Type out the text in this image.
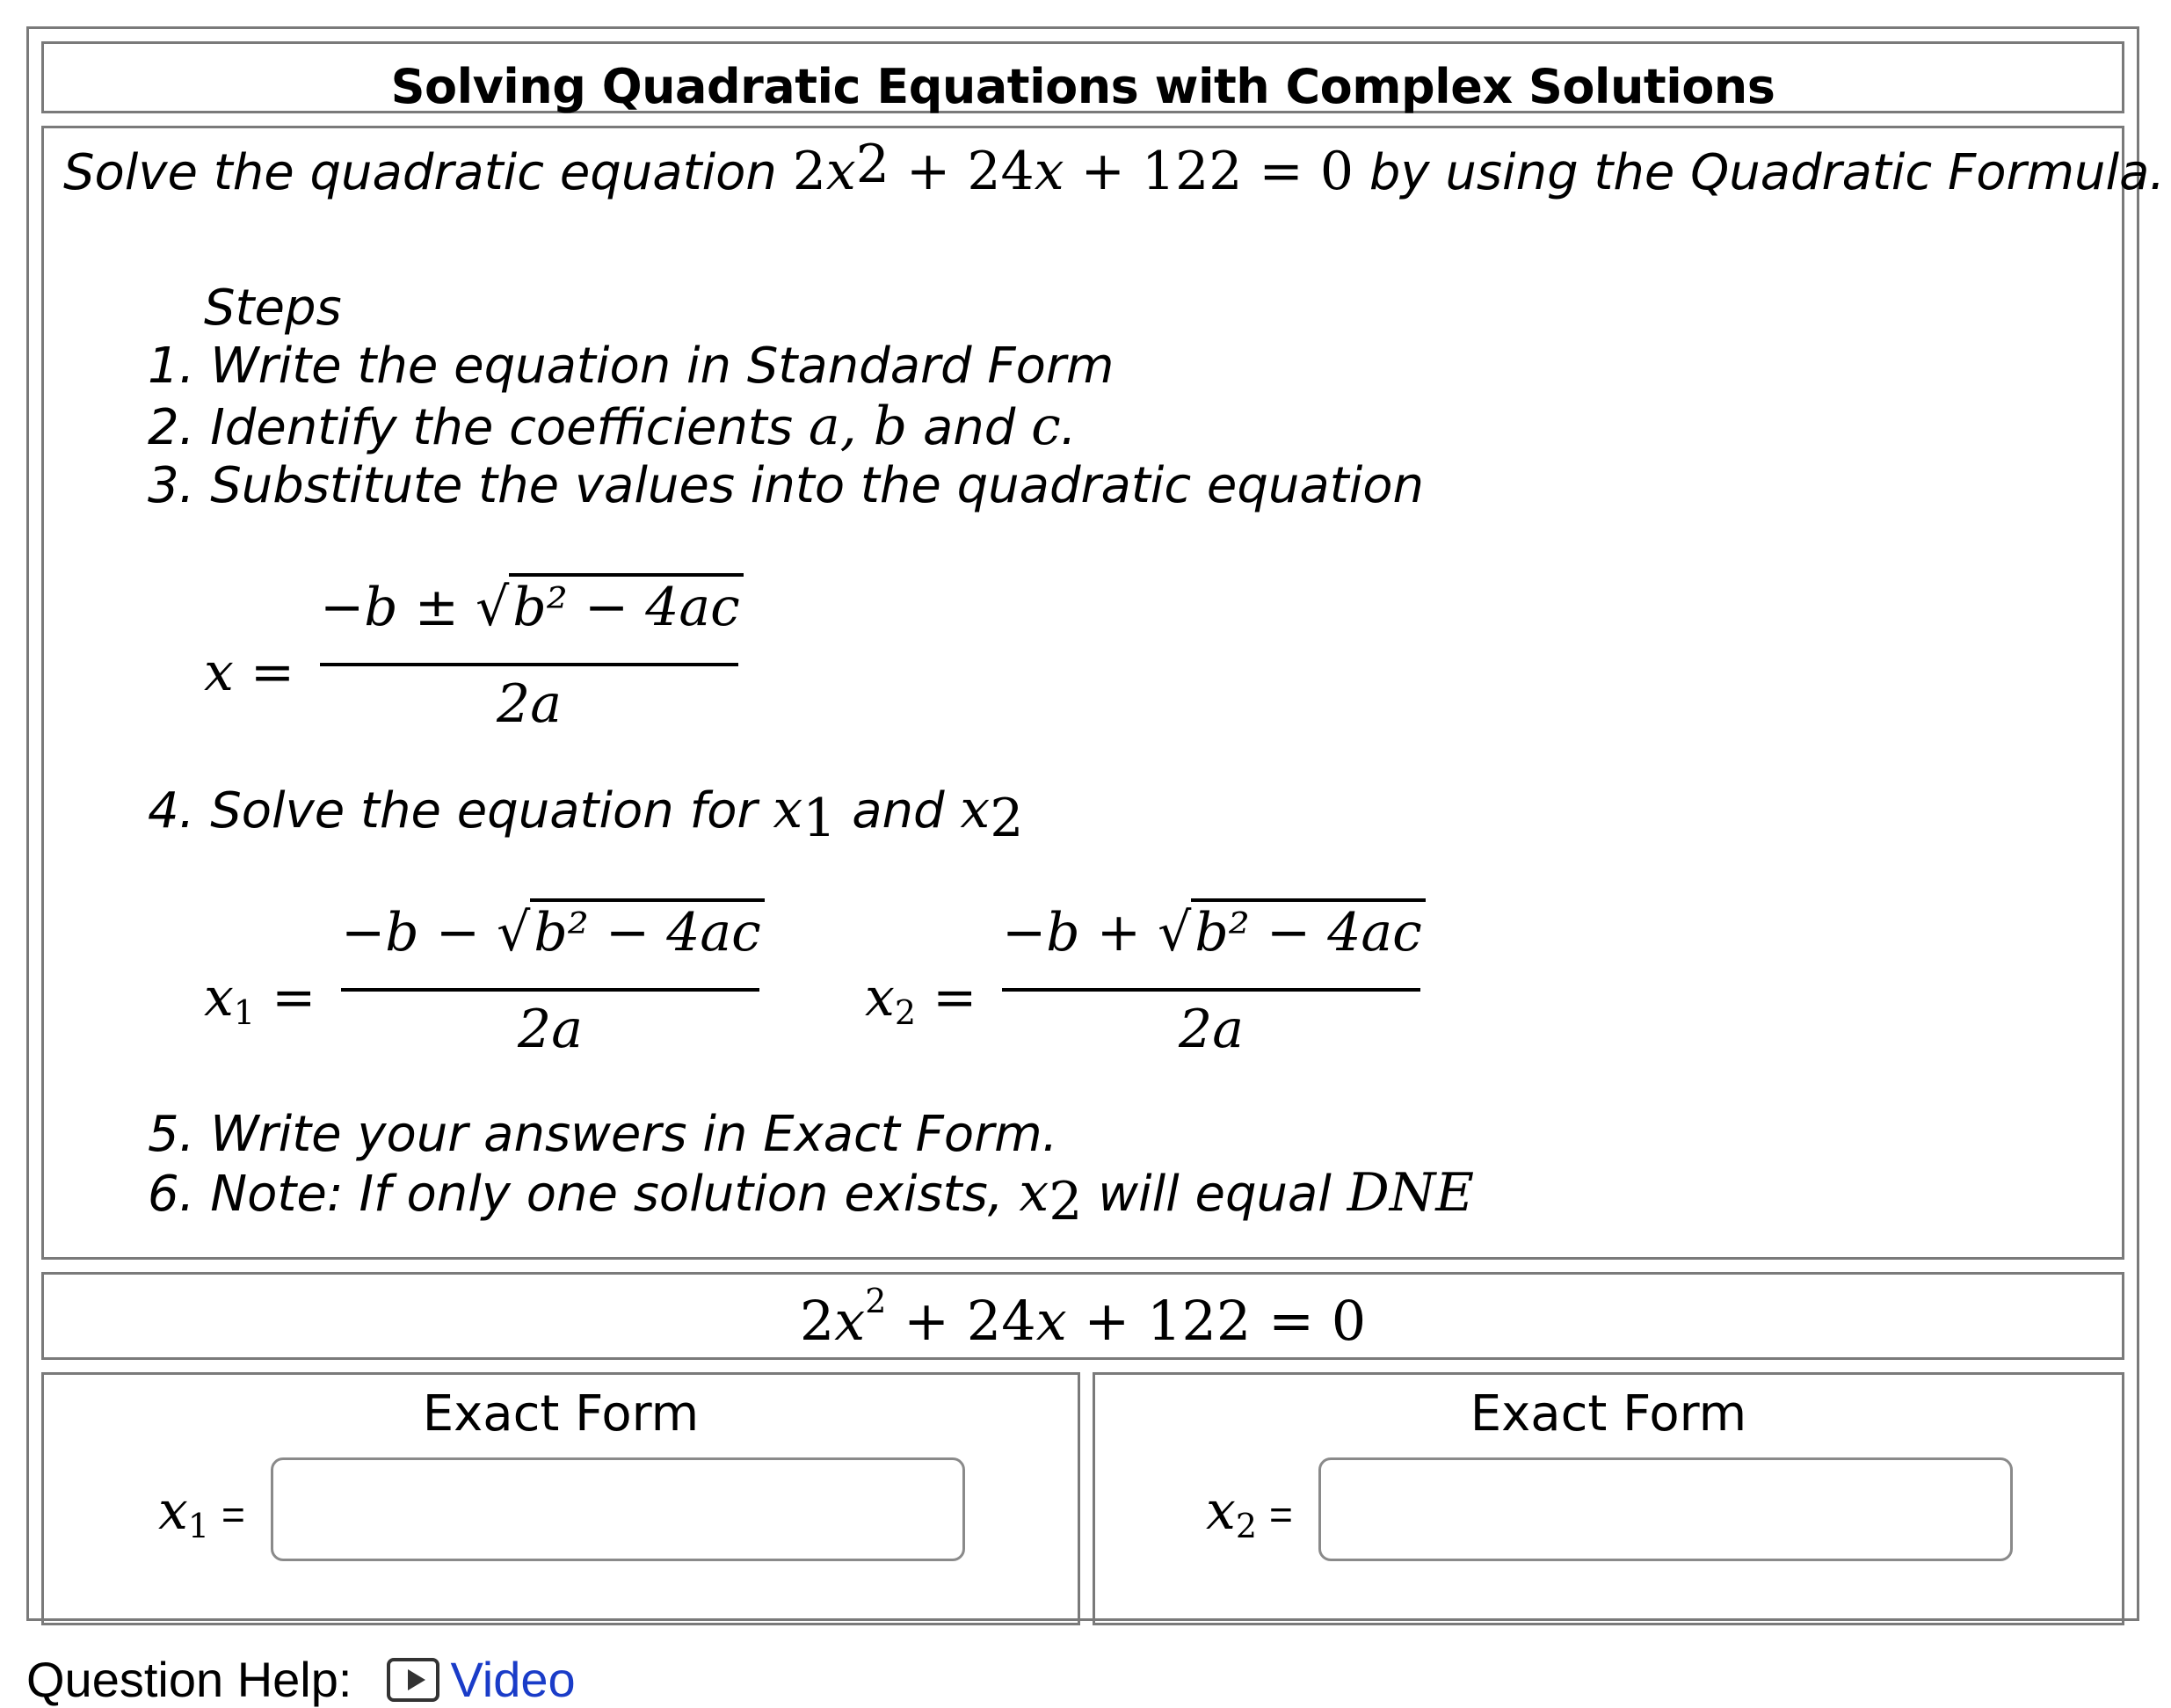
Solving Quadratic Equations with Complex Solutions
Solve the quadratic equation $2x^2 + 24x + 122 = 0$ by using the Quadratic Formula.
Steps
1. Write the equation in Standard Form
2. Identify the coefficients a, b and c.
3. Substitute the values into the quadratic equation
x =
−b ± √b² − 4ac
2a
4. Solve the equation for $x_1$ and $x_2$
$x_1$ =
−b − √b² − 4ac
2a
$x_2$ =
−b + √b² − 4ac
2a
5. Write your answers in Exact Form.
6. Note: If only one solution exists, $x_2$ will equal DNE
$2x^2 + 24x + 122 = 0$
Exact Form
$x_1$ =
Exact Form
$x_2$ =
Question Help: Video
